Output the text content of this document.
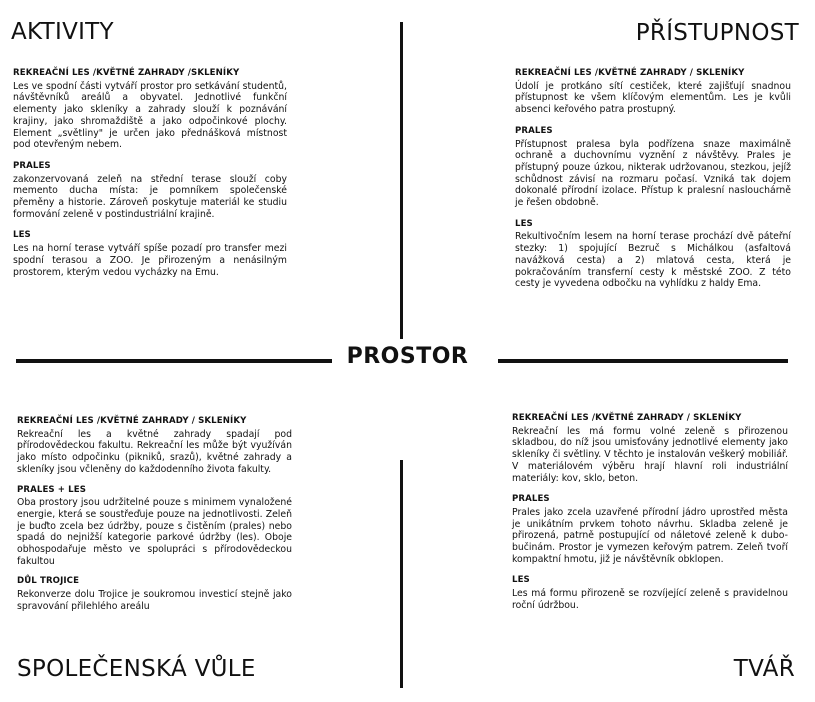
AKTIVITY	PŘÍSTUPNOST
SPOLEČENSKÁ VŮLE	TVÁŘ
PROSTOR
REKREAČNÍ LES /KVĚTNÉ ZAHRADY /SKLENÍKY
Les ve spodní části vytváří prostor pro setkávání studentů, návštěvníků areálů a obyvatel. Jednotlivé funkční elementy jako skleníky a zahrady slouží k poznávání krajiny, jako shromaždiště a jako odpočinkové plochy. Element „světliny" je určen jako přednášková místnost pod otevřeným nebem.
PRALES
zakonzervovaná zeleň na střední terase slouží coby memento ducha místa: je pomníkem společenské přeměny a historie. Zároveň poskytuje materiál ke studiu formování zeleně v postindustriální krajině.
LES
Les na horní terase vytváří spíše pozadí pro transfer mezi spodní terasou a ZOO. Je přirozeným a nenásilným prostorem, kterým vedou vycházky na Emu.
REKREAČNÍ LES /KVĚTNÉ ZAHRADY / SKLENÍKY
Údolí je protkáno sítí cestiček, které zajišťují snadnou přístupnost ke všem klíčovým elementům. Les je kvůli absenci keřového patra prostupný.
PRALES
Přístupnost pralesa byla podřízena snaze maximálně ochraně a duchovnímu vyznění z návštěvy. Prales je přístupný pouze úzkou, nikterak udržovanou, stezkou, jejíž schůdnost závisí na rozmaru počasí. Vzniká tak dojem dokonalé přírodní izolace. Přístup k pralesní naslouchárně je řešen obdobně.
LES
Rekultivočním lesem na horní terase prochází dvě páteřní stezky: 1) spojující Bezruč s Michálkou (asfaltová navážková cesta) a 2) mlatová cesta, která je pokračováním transferní cesty k městské ZOO. Z této cesty je vyvedena odbočku na vyhlídku z haldy Ema.
REKREAČNÍ LES /KVĚTNÉ ZAHRADY / SKLENÍKY
Rekreační les a květné zahrady spadají pod přírodovědeckou fakultu. Rekreační les může být využíván jako místo odpočinku (pikniků, srazů), květné zahrady a skleníky jsou včleněny do každodenního života fakulty.
PRALES + LES
Oba prostory jsou udržitelné pouze s minimem vynaložené energie, která se soustřeďuje pouze na jednotlivosti. Zeleň je buďto zcela bez údržby, pouze s čistěním (prales) nebo spadá do nejnižší kategorie parkové údržby (les). Oboje obhospodařuje město ve spolupráci s přírodovědeckou fakultou
DŮL TROJICE
Rekonverze dolu Trojice je soukromou investicí stejně jako spravování přilehlého areálu
REKREAČNÍ LES /KVĚTNÉ ZAHRADY / SKLENÍKY
Rekreační les má formu volné zeleně s přirozenou skladbou, do níž jsou umisťovány jednotlivé elementy jako skleníky či světliny. V těchto je instalován veškerý mobiliář. V materiálovém výběru hrají hlavní roli industriální materiály: kov, sklo, beton.
PRALES
Prales jako zcela uzavřené přírodní jádro uprostřed města je unikátním prvkem tohoto návrhu. Skladba zeleně je přirozená, patrně postupující od náletové zeleně k dubo-bučinám. Prostor je vymezen keřovým patrem. Zeleň tvoří kompaktní hmotu, již je návštěvník obklopen.
LES
Les má formu přirozeně se rozvíjející zeleně s pravidelnou roční údržbou.
